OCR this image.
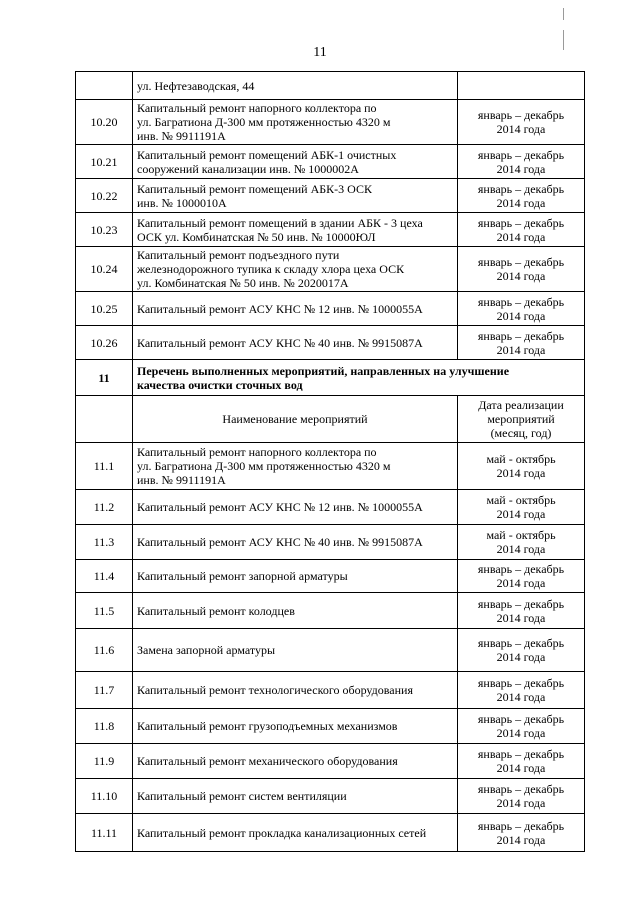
11

	ул. Нефтезаводская, 44	

10.20	Капитальный ремонт напорного коллектора по
ул. Багратиона Д-300 мм протяженностью 4320 м
инв. № 9911191А	январь – декабрь
2014 года

10.21	Капитальный ремонт помещений АБК-1 очистных
сооружений канализации инв. № 1000002А	январь – декабрь
2014 года

10.22	Капитальный ремонт помещений АБК-3 ОСК
инв. № 1000010А	январь – декабрь
2014 года

10.23	Капитальный ремонт помещений в здании АБК - 3 цеха
ОСК ул. Комбинатская № 50 инв. № 10000ЮЛ	январь – декабрь
2014 года

10.24	Капитальный ремонт подъездного пути
железнодорожного тупика к складу хлора цеха ОСК
ул. Комбинатская № 50 инв. № 2020017А	январь – декабрь
2014 года

10.25	Капитальный ремонт АСУ КНС № 12 инв. № 1000055А	январь – декабрь
2014 года

10.26	Капитальный ремонт АСУ КНС № 40 инв. № 9915087А	январь – декабрь
2014 года

11	Перечень выполненных мероприятий, направленных на улучшение
качества очистки сточных вод	

	Наименование мероприятий	Дата реализации
мероприятий
(месяц, год)

11.1	Капитальный ремонт напорного коллектора по
ул. Багратиона Д-300 мм протяженностью 4320 м
инв. № 9911191А	май - октябрь
2014 года

11.2	Капитальный ремонт АСУ КНС № 12 инв. № 1000055А	май - октябрь
2014 года

11.3	Капитальный ремонт АСУ КНС № 40 инв. № 9915087А	май - октябрь
2014 года

11.4	Капитальный ремонт запорной арматуры	январь – декабрь
2014 года

11.5	Капитальный ремонт колодцев	январь – декабрь
2014 года

11.6	Замена запорной арматуры	январь – декабрь
2014 года

11.7	Капитальный ремонт технологического оборудования	январь – декабрь
2014 года

11.8	Капитальный ремонт грузоподъемных механизмов	январь – декабрь
2014 года

11.9	Капитальный ремонт механического оборудования	январь – декабрь
2014 года

11.10	Капитальный ремонт систем вентиляции	январь – декабрь
2014 года

11.11	Капитальный ремонт прокладка канализационных сетей	январь – декабрь
2014 года
